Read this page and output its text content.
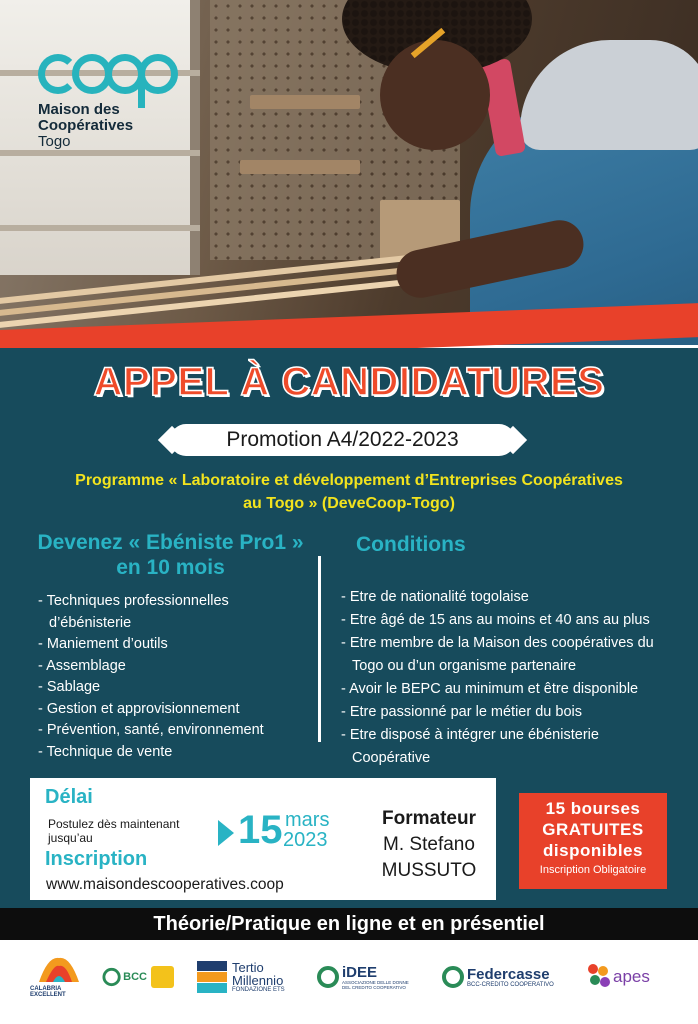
Maison des
Coopératives
Togo
APPEL À CANDIDATURES
Promotion A4/2022-2023
Programme « Laboratoire et développement d’Entreprises Coopératives
au Togo » (DeveCoop-Togo)
Devenez « Ebéniste Pro1 »
en 10 mois
Conditions
- Techniques professionnelles d’ébénisterie
- Maniement d’outils
- Assemblage
- Sablage
- Gestion et approvisionnement
- Prévention, santé, environnement
- Technique de vente
- Etre de nationalité togolaise
- Etre âgé de 15 ans au moins et 40 ans au plus
- Etre membre de la Maison des coopératives du Togo ou d’un organisme partenaire
- Avoir le BEPC au minimum et être disponible
- Etre passionné par le métier du bois
- Etre disposé à intégrer une ébénisterie Coopérative
Délai
Postulez dès maintenant jusqu’au	15 mars
2023
Inscription
www.maisondescooperatives.coop
Formateur
M. Stefano
MUSSUTO
15 bourses
GRATUITES
disponibles
Inscription Obligatoire
Théorie/Pratique en ligne et en présentiel
CALABRIA EXCELLENT
BCC
Tertio
Millennio
FONDAZIONE ETS
iDEE
ASSOCIAZIONE DELLE DONNE DEL CREDITO COOPERATIVO
Federcasse
BCC-CREDITO COOPERATIVO	apes
